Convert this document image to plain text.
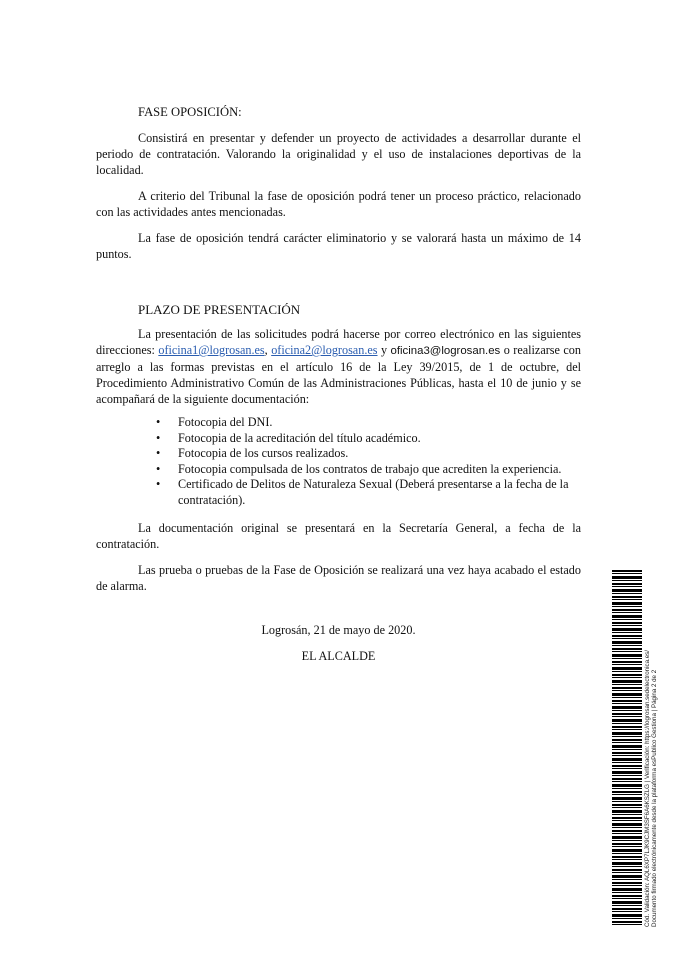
FASE OPOSICIÓN:

Consistirá en presentar y defender un proyecto de actividades a desarrollar durante el periodo de contratación. Valorando la originalidad y el uso de instalaciones deportivas de la localidad.

A criterio del Tribunal la fase de oposición podrá tener un proceso práctico, relacionado con las actividades antes mencionadas.

La fase de oposición tendrá carácter eliminatorio y se valorará hasta un máximo de 14 puntos.

PLAZO DE PRESENTACIÓN

La presentación de las solicitudes podrá hacerse por correo electrónico en las siguientes direcciones: oficina1@logrosan.es, oficina2@logrosan.es y oficina3@logrosan.es o realizarse con arreglo a las formas previstas en el artículo 16 de la Ley 39/2015, de 1 de octubre, del Procedimiento Administrativo Común de las Administraciones Públicas, hasta el 10 de junio y se acompañará de la siguiente documentación:

• Fotocopia del DNI.
• Fotocopia de la acreditación del título académico.
• Fotocopia de los cursos realizados.
• Fotocopia compulsada de los contratos de trabajo que acrediten la experiencia.
• Certificado de Delitos de Naturaleza Sexual (Deberá presentarse a la fecha de la contratación).

La documentación original se presentará en la Secretaría General, a fecha de la contratación.

Las prueba o pruebas de la Fase de Oposición se realizará una vez haya acabado el estado de alarma.

Logrosán, 21 de mayo de 2020.
EL ALCALDE	Cód. Validación: AQL6XP7LJK9CJM3SF6A6KSZLG | Verificación: https://logrosan.sedelectronica.es/ Documento firmado electrónicamente desde la plataforma esPublico Gestiona | Página 2 de 2
